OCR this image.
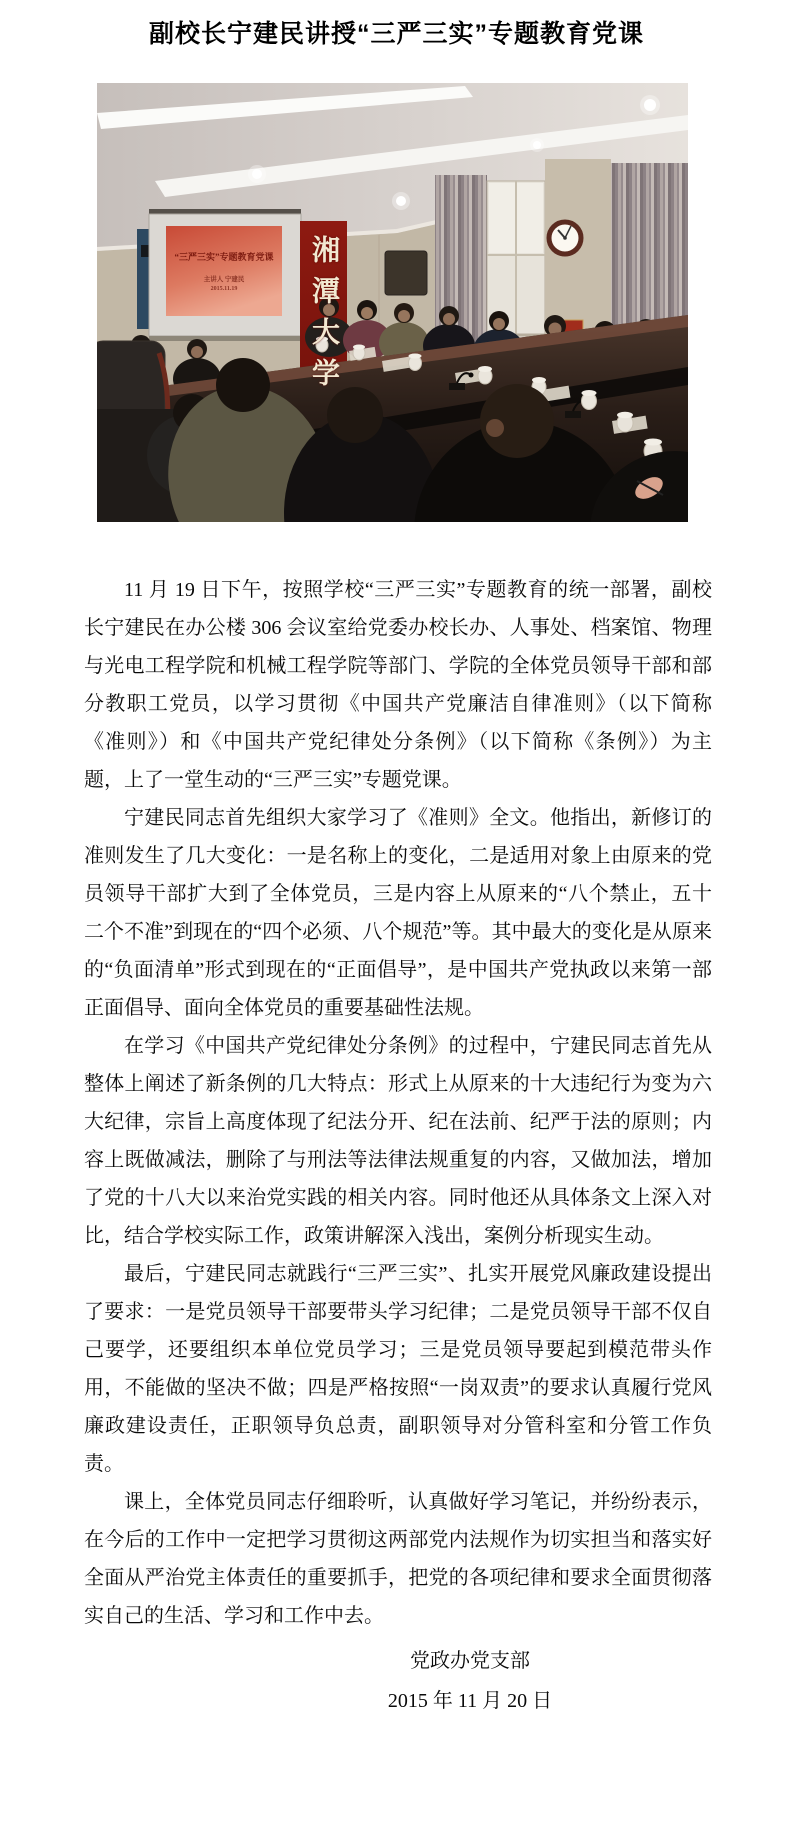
副校长宁建民讲授“三严三实”专题教育党课
“三严三实”专题教育党课
主讲人 宁建民
2015.11.19	湘潭大学

11 月 19 日下午，按照学校“三严三实”专题教育的统一部署，副校长宁建民在办公楼 306 会议室给党委办校长办、人事处、档案馆、物理与光电工程学院和机械工程学院等部门、学院的全体党员领导干部和部分教职工党员，以学习贯彻《中国共产党廉洁自律准则》（以下简称《准则》）和《中国共产党纪律处分条例》（以下简称《条例》）为主题，上了一堂生动的“三严三实”专题党课。

宁建民同志首先组织大家学习了《准则》全文。他指出，新修订的准则发生了几大变化：一是名称上的变化，二是适用对象上由原来的党员领导干部扩大到了全体党员，三是内容上从原来的“八个禁止，五十二个不准”到现在的“四个必须、八个规范”等。其中最大的变化是从原来的“负面清单”形式到现在的“正面倡导”，是中国共产党执政以来第一部正面倡导、面向全体党员的重要基础性法规。

在学习《中国共产党纪律处分条例》的过程中，宁建民同志首先从整体上阐述了新条例的几大特点：形式上从原来的十大违纪行为变为六大纪律，宗旨上高度体现了纪法分开、纪在法前、纪严于法的原则；内容上既做减法，删除了与刑法等法律法规重复的内容，又做加法，增加了党的十八大以来治党实践的相关内容。同时他还从具体条文上深入对比，结合学校实际工作，政策讲解深入浅出，案例分析现实生动。

最后，宁建民同志就践行“三严三实”、扎实开展党风廉政建设提出了要求：一是党员领导干部要带头学习纪律；二是党员领导干部不仅自己要学，还要组织本单位党员学习；三是党员领导要起到模范带头作用，不能做的坚决不做；四是严格按照“一岗双责”的要求认真履行党风廉政建设责任，正职领导负总责，副职领导对分管科室和分管工作负责。

课上，全体党员同志仔细聆听，认真做好学习笔记，并纷纷表示，在今后的工作中一定把学习贯彻这两部党内法规作为切实担当和落实好全面从严治党主体责任的重要抓手，把党的各项纪律和要求全面贯彻落实自己的生活、学习和工作中去。

党政办党支部
2015 年 11 月 20 日
